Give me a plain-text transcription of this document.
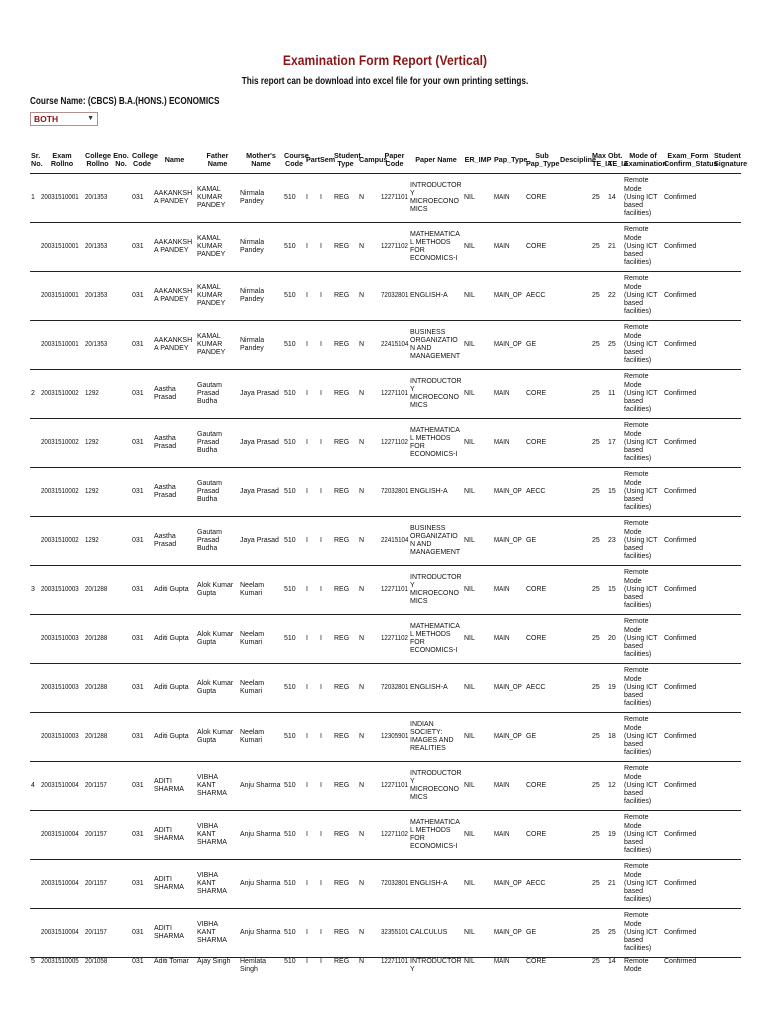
Examination Form Report (Vertical)
This report can be download into excel file for your own printing settings.
Course Name: (CBCS) B.A.(HONS.) ECONOMICS
BOTH	▼
Sr. No.	Exam Rollno	College Rollno	Eno. No.	College Code	Name	Father Name	Mother's Name	Course Code	Part	Sem	Student Type	Campus	Paper Code	Paper Name	ER_IMP	Pap_Type	Sub Pap_Type	Descipline	Max TE_IA	Obt. TE_IA	Mode of Examination	Exam_Form Confirm_Status	Student Signature
1	20031510001	20/1353		031	AAKANKSHA PANDEY	KAMAL KUMAR PANDEY	Nirmala Pandey	510	I	I	REG	N	12271101	INTRODUCTORY MICROECONOMICS	NIL	MAIN	CORE		25	14	Remote Mode (Using ICT based facilities)	Confirmed	
	20031510001	20/1353		031	AAKANKSHA PANDEY	KAMAL KUMAR PANDEY	Nirmala Pandey	510	I	I	REG	N	12271102	MATHEMATICAL METHODS FOR ECONOMICS-I	NIL	MAIN	CORE		25	21	Remote Mode (Using ICT based facilities)	Confirmed	
	20031510001	20/1353		031	AAKANKSHA PANDEY	KAMAL KUMAR PANDEY	Nirmala Pandey	510	I	I	REG	N	72032801	ENGLISH-A	NIL	MAIN_OP	AECC		25	22	Remote Mode (Using ICT based facilities)	Confirmed	
	20031510001	20/1353		031	AAKANKSHA PANDEY	KAMAL KUMAR PANDEY	Nirmala Pandey	510	I	I	REG	N	22415104	BUSINESS ORGANIZATION AND MANAGEMENT	NIL	MAIN_OP	GE		25	25	Remote Mode (Using ICT based facilities)	Confirmed	
2	20031510002	1292		031	Aastha Prasad	Gautam Prasad Budha	Jaya Prasad	510	I	I	REG	N	12271101	INTRODUCTORY MICROECONOMICS	NIL	MAIN	CORE		25	11	Remote Mode (Using ICT based facilities)	Confirmed	
	20031510002	1292		031	Aastha Prasad	Gautam Prasad Budha	Jaya Prasad	510	I	I	REG	N	12271102	MATHEMATICAL METHODS FOR ECONOMICS-I	NIL	MAIN	CORE		25	17	Remote Mode (Using ICT based facilities)	Confirmed	
	20031510002	1292		031	Aastha Prasad	Gautam Prasad Budha	Jaya Prasad	510	I	I	REG	N	72032801	ENGLISH-A	NIL	MAIN_OP	AECC		25	15	Remote Mode (Using ICT based facilities)	Confirmed	
	20031510002	1292		031	Aastha Prasad	Gautam Prasad Budha	Jaya Prasad	510	I	I	REG	N	22415104	BUSINESS ORGANIZATION AND MANAGEMENT	NIL	MAIN_OP	GE		25	23	Remote Mode (Using ICT based facilities)	Confirmed	
3	20031510003	20/1288		031	Aditi Gupta	Alok Kumar Gupta	Neelam Kumari	510	I	I	REG	N	12271101	INTRODUCTORY MICROECONOMICS	NIL	MAIN	CORE		25	15	Remote Mode (Using ICT based facilities)	Confirmed	
	20031510003	20/1288		031	Aditi Gupta	Alok Kumar Gupta	Neelam Kumari	510	I	I	REG	N	12271102	MATHEMATICAL METHODS FOR ECONOMICS-I	NIL	MAIN	CORE		25	20	Remote Mode (Using ICT based facilities)	Confirmed	
	20031510003	20/1288		031	Aditi Gupta	Alok Kumar Gupta	Neelam Kumari	510	I	I	REG	N	72032801	ENGLISH-A	NIL	MAIN_OP	AECC		25	19	Remote Mode (Using ICT based facilities)	Confirmed	
	20031510003	20/1288		031	Aditi Gupta	Alok Kumar Gupta	Neelam Kumari	510	I	I	REG	N	12305901	INDIAN SOCIETY: IMAGES AND REALITIES	NIL	MAIN_OP	GE		25	18	Remote Mode (Using ICT based facilities)	Confirmed	
4	20031510004	20/1157		031	ADITI SHARMA	VIBHA KANT SHARMA	Anju Sharma	510	I	I	REG	N	12271101	INTRODUCTORY MICROECONOMICS	NIL	MAIN	CORE		25	12	Remote Mode (Using ICT based facilities)	Confirmed	
	20031510004	20/1157		031	ADITI SHARMA	VIBHA KANT SHARMA	Anju Sharma	510	I	I	REG	N	12271102	MATHEMATICAL METHODS FOR ECONOMICS-I	NIL	MAIN	CORE		25	19	Remote Mode (Using ICT based facilities)	Confirmed	
	20031510004	20/1157		031	ADITI SHARMA	VIBHA KANT SHARMA	Anju Sharma	510	I	I	REG	N	72032801	ENGLISH-A	NIL	MAIN_OP	AECC		25	21	Remote Mode (Using ICT based facilities)	Confirmed	
	20031510004	20/1157		031	ADITI SHARMA	VIBHA KANT SHARMA	Anju Sharma	510	I	I	REG	N	32355101	CALCULUS	NIL	MAIN_OP	GE		25	25	Remote Mode (Using ICT based facilities)	Confirmed	
5	20031510005	20/1058		031	Aditi Tomar	Ajay Singh	Hemlata Singh	510	I	I	REG	N	12271101	INTRODUCTORY	NIL	MAIN	CORE		25	14	Remote Mode	Confirmed	
